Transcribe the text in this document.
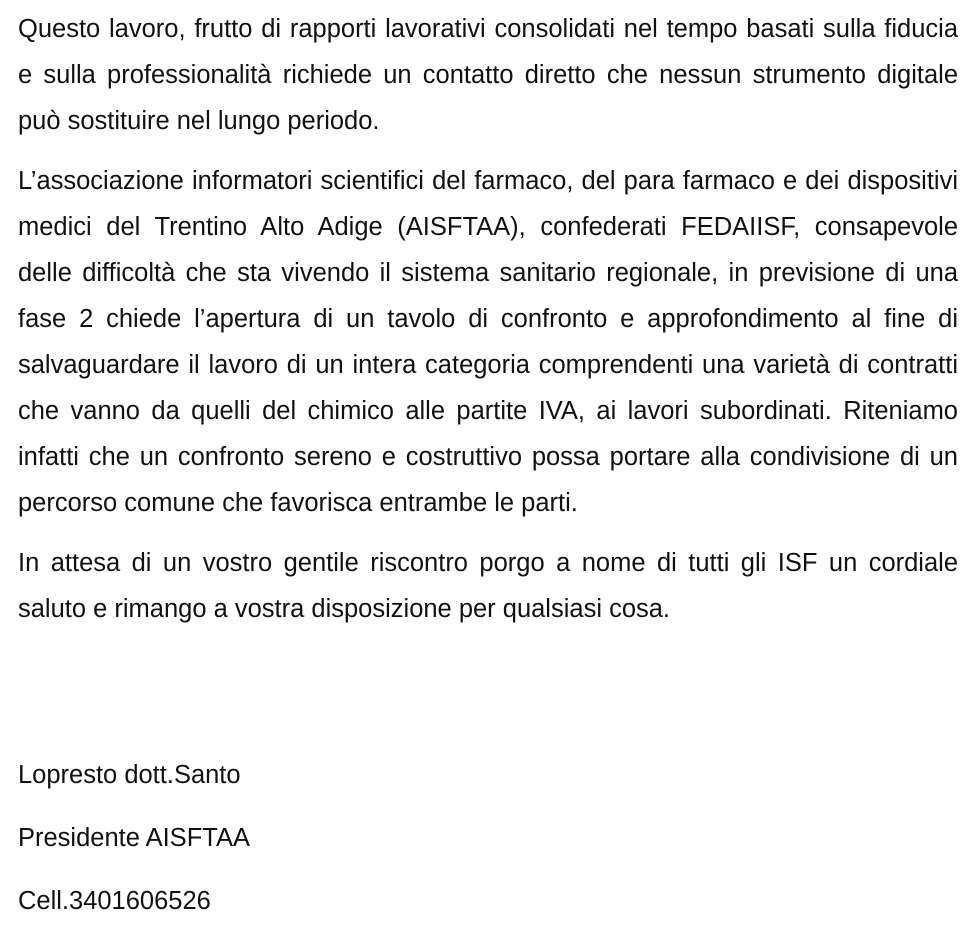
Questo lavoro, frutto di rapporti lavorativi consolidati nel tempo basati sulla fiducia e sulla professionalità richiede un contatto diretto che nessun strumento digitale può sostituire nel lungo periodo.

L’associazione informatori scientifici del farmaco, del para farmaco e dei dispositivi medici del Trentino Alto Adige (AISFTAA), confederati FEDAIISF, consapevole delle difficoltà che sta vivendo il sistema sanitario regionale, in previsione di una fase 2 chiede l’apertura di un tavolo di confronto e approfondimento al fine di salvaguardare il lavoro di un intera categoria comprendenti una varietà di contratti che vanno da quelli del chimico alle partite IVA, ai lavori subordinati. Riteniamo infatti che un confronto sereno e costruttivo possa portare alla condivisione di un percorso comune che favorisca entrambe le parti.

In attesa di un vostro gentile riscontro porgo a nome di tutti gli ISF un cordiale saluto e rimango a vostra disposizione per qualsiasi cosa.

Lopresto dott.Santo
Presidente AISFTAA
Cell.3401606526
